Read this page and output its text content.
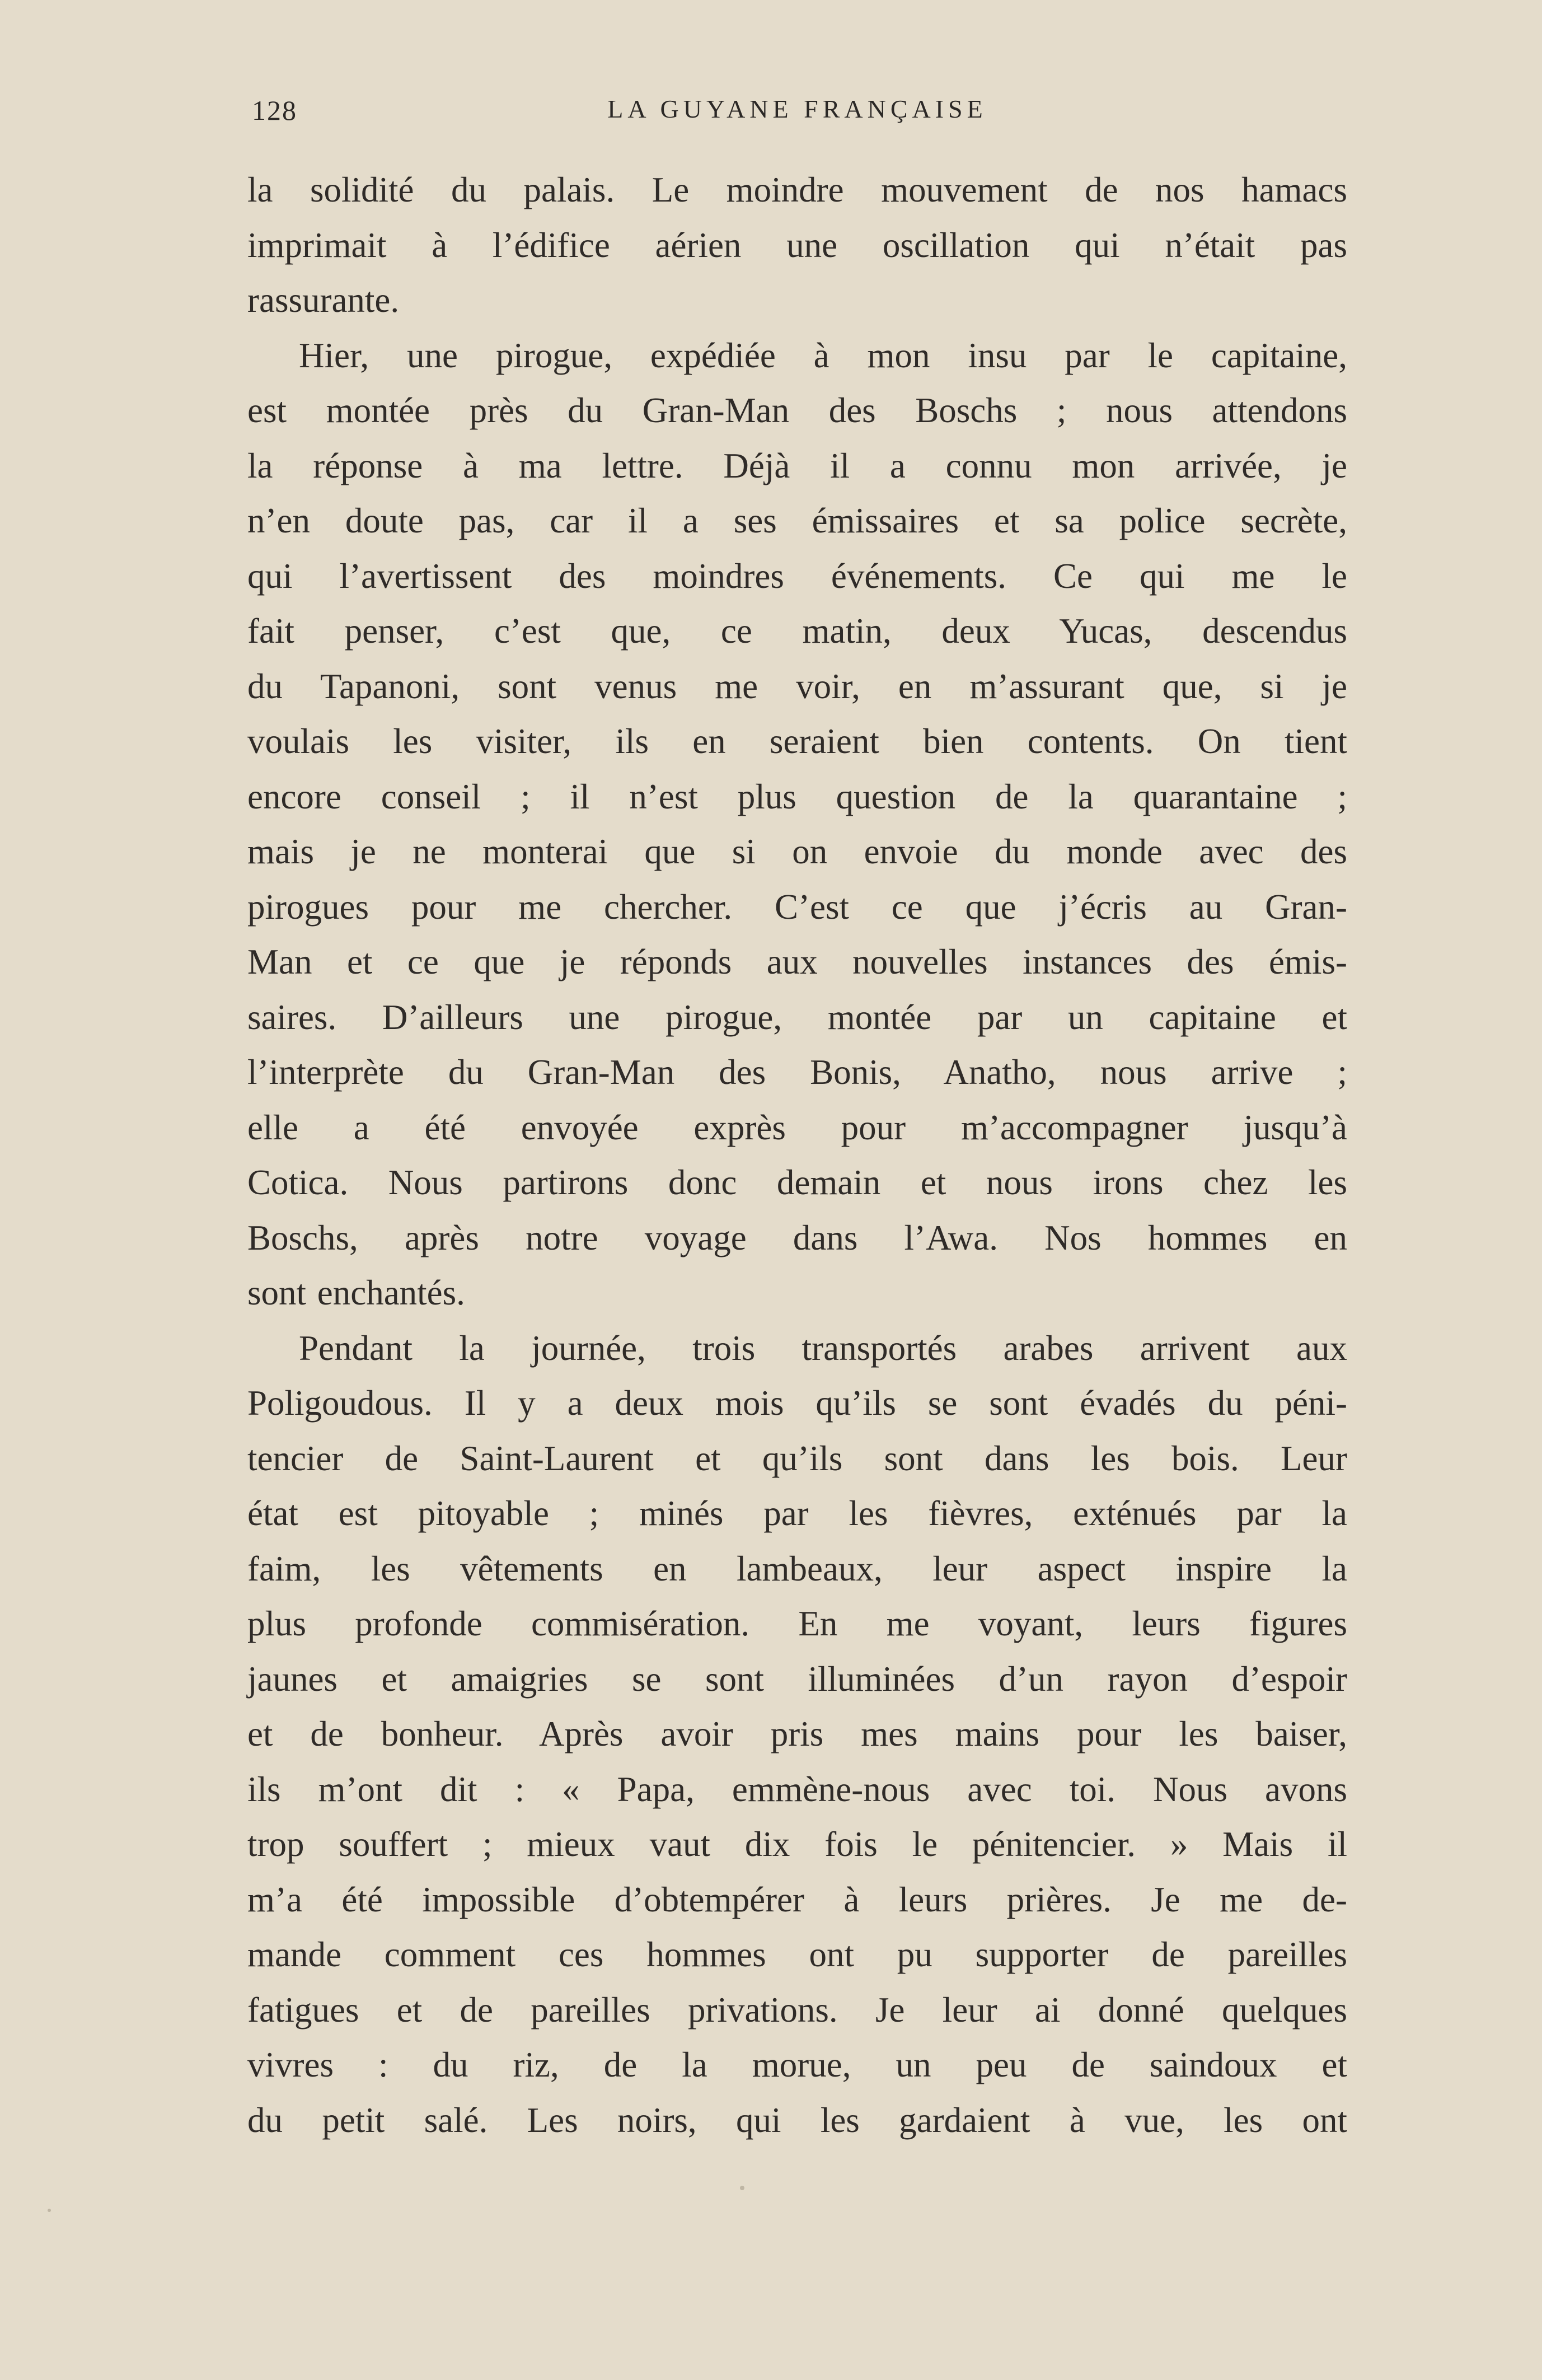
128	LA GUYANE FRANÇAISE
la solidité du palais. Le moindre mouvement de nos hamacs
imprimait à l’édifice aérien une oscillation qui n’était pas
rassurante.
Hier, une pirogue, expédiée à mon insu par le capitaine,
est montée près du Gran-Man des Boschs ; nous attendons
la réponse à ma lettre. Déjà il a connu mon arrivée, je
n’en doute pas, car il a ses émissaires et sa police secrète,
qui l’avertissent des moindres événements. Ce qui me le
fait penser, c’est que, ce matin, deux Yucas, descendus
du Tapanoni, sont venus me voir, en m’assurant que, si je
voulais les visiter, ils en seraient bien contents. On tient
encore conseil ; il n’est plus question de la quarantaine ;
mais je ne monterai que si on envoie du monde avec des
pirogues pour me chercher. C’est ce que j’écris au Gran-
Man et ce que je réponds aux nouvelles instances des émis-
saires. D’ailleurs une pirogue, montée par un capitaine et
l’interprète du Gran-Man des Bonis, Anatho, nous arrive ;
elle a été envoyée exprès pour m’accompagner jusqu’à
Cotica. Nous partirons donc demain et nous irons chez les
Boschs, après notre voyage dans l’Awa. Nos hommes en
sont enchantés.
Pendant la journée, trois transportés arabes arrivent aux
Poligoudous. Il y a deux mois qu’ils se sont évadés du péni-
tencier de Saint-Laurent et qu’ils sont dans les bois. Leur
état est pitoyable ; minés par les fièvres, exténués par la
faim, les vêtements en lambeaux, leur aspect inspire la
plus profonde commisération. En me voyant, leurs figures
jaunes et amaigries se sont illuminées d’un rayon d’espoir
et de bonheur. Après avoir pris mes mains pour les baiser,
ils m’ont dit : « Papa, emmène-nous avec toi. Nous avons
trop souffert ; mieux vaut dix fois le pénitencier. » Mais il
m’a été impossible d’obtempérer à leurs prières. Je me de-
mande comment ces hommes ont pu supporter de pareilles
fatigues et de pareilles privations. Je leur ai donné quelques
vivres : du riz, de la morue, un peu de saindoux et
du petit salé. Les noirs, qui les gardaient à vue, les ont
